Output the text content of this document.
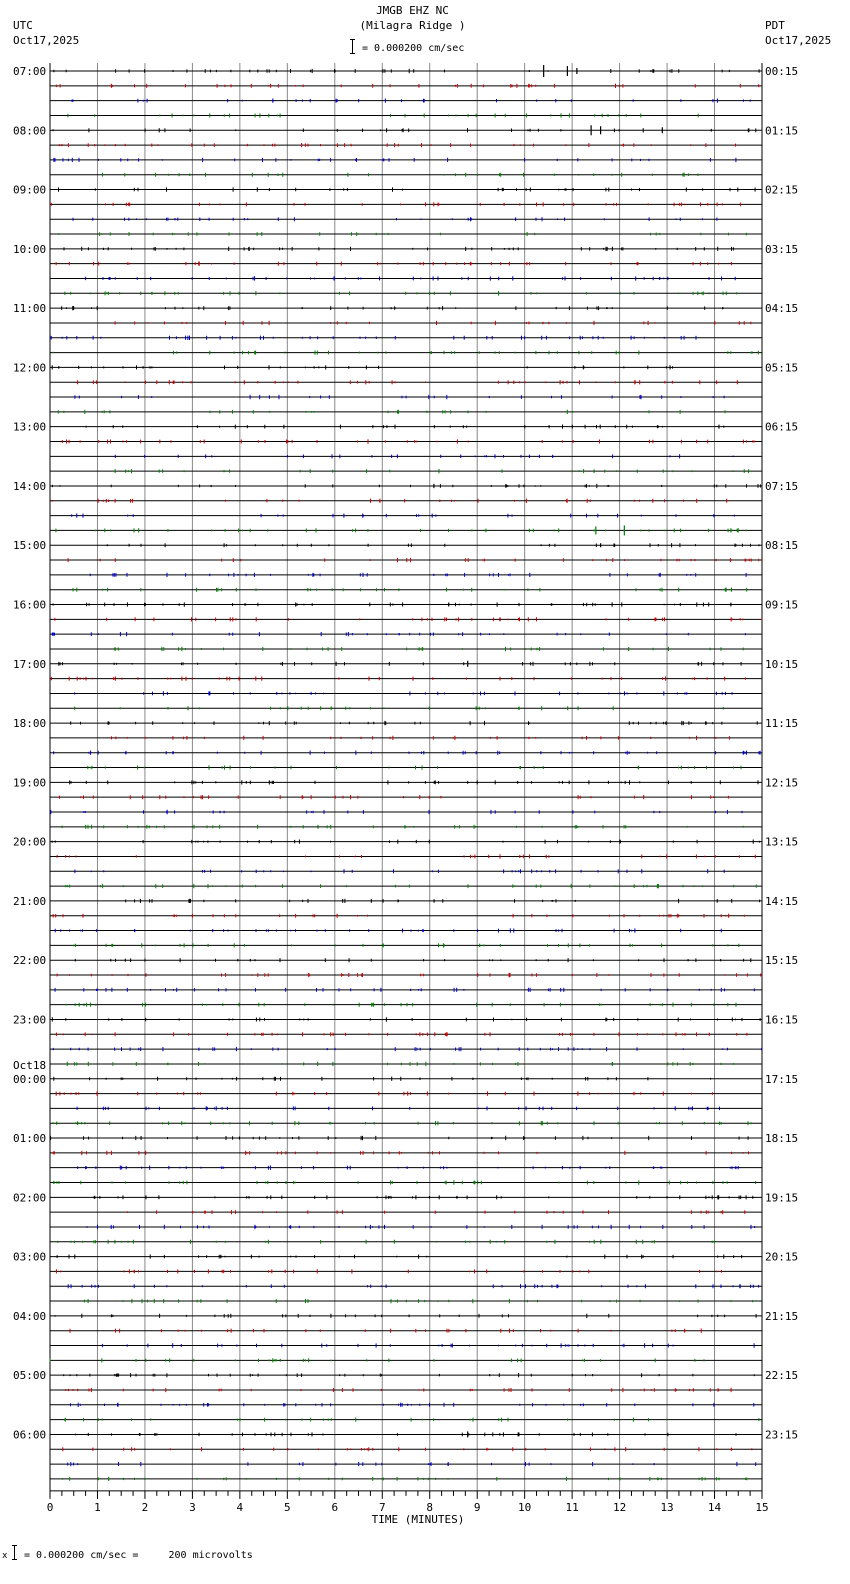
JMGB EHZ NC
(Milagra Ridge )
= 0.000200 cm/sec
UTC
Oct17,2025
PDT
Oct17,2025
07:00
08:00
09:00
10:00
11:00
12:00
13:00
14:00
15:00
16:00
17:00
18:00
19:00
20:00
21:00
22:00
23:00
00:00
Oct18
01:00
02:00
03:00
04:00
05:00
06:00
00:15
01:15
02:15
03:15
04:15
05:15
06:15
07:15
08:15
09:15
10:15
11:15
12:15
13:15
14:15
15:15
16:15
17:15
18:15
19:15
20:15
21:15
22:15
23:15
0	1	2	3	4	5	6	7	8	9	10	11	12	13	14	15
TIME (MINUTES)
x = 0.000200 cm/sec =     200 microvolts
